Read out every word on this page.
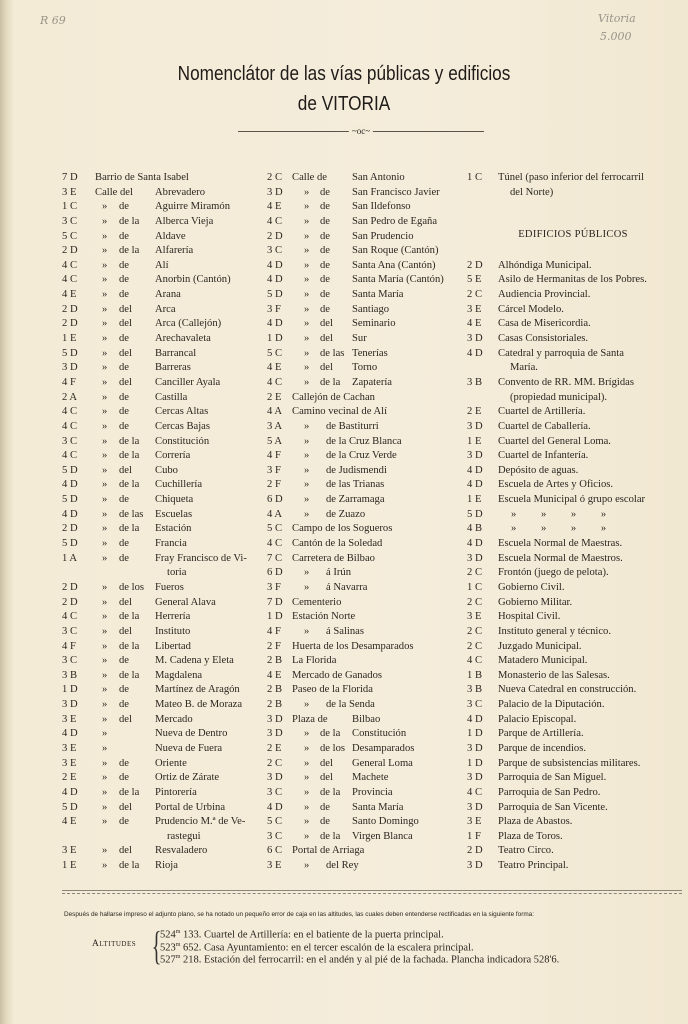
R 69	Vitoria
5.000
Nomenclátor de las vías públicas y edificios
de VITORIA
~oc~
7 D Barrio de Santa Isabel
3 E Calle del Abrevadero
1 C » de Aguirre Miramón
3 C » de la Alberca Vieja
5 C » de Aldave
2 D » de la Alfarería
4 C » de Alí
4 C » de Anorbin (Cantón)
4 E » de Arana
2 D » del Arca
2 D » del Arca (Callejón)
1 E » de Arechavaleta
5 D » del Barrancal
3 D » de Barreras
4 F » del Canciller Ayala
2 A » de Castilla
4 C » de Cercas Altas
4 C » de Cercas Bajas
3 C » de la Constitución
4 C » de la Correría
5 D » del Cubo
4 D » de la Cuchillería
5 D » de Chiqueta
4 D » de las Escuelas
2 D » de la Estación
5 D » de Francia
1 A » de Fray Francisco de Vi-
toria
2 D » de los Fueros
2 D » del General Alava
4 C » de la Herrería
3 C » del Instituto
4 F » de la Libertad
3 C » de M. Cadena y Eleta
3 B » de la Magdalena
1 D » de Martínez de Aragón
3 D » de Mateo B. de Moraza
3 E » del Mercado
4 D »	Nueva de Dentro
3 E »	Nueva de Fuera
3 E » de Oriente
2 E » de Ortiz de Zárate
4 D » de la Pintorería
5 D » del Portal de Urbina
4 E » de Prudencio M.ª de Ve-
rastegui
3 E » del Resvaladero
1 E » de la Rioja
2 C Calle de San Antonio
3 D » de San Francisco Javier
4 E » de San Ildefonso
4 C » de San Pedro de Egaña
2 D » de San Prudencio
3 C » de San Roque (Cantón)
4 D » de Santa Ana (Cantón)
4 D » de Santa María (Cantón)
5 D » de Santa María
3 F » de Santiago
4 D » del Seminario
1 D » del Sur
5 C » de las Tenerías
4 E » del Torno
4 C » de la Zapatería
2 E Callejón de Cachan
4 A Camino vecinal de Alí
3 A » de Bastiturri
5 A » de la Cruz Blanca
4 F » de la Cruz Verde
3 F » de Judismendi
2 F » de las Trianas
6 D » de Zarramaga
4 A » de Zuazo
5 C Campo de los Sogueros
4 C Cantón de la Soledad
7 C Carretera de Bilbao
6 D » á Irún
3 F » á Navarra
7 D Cementerio
1 D Estación Norte
4 F » á Salinas
2 F Huerta de los Desamparados
2 B La Florida
4 E Mercado de Ganados
2 B Paseo de la Florida
2 B » de la Senda
3 D Plaza de Bilbao
3 D » de la Constitución
2 E » de los Desamparados
2 C » del General Loma
3 D » del Machete
3 C » de la Provincia
4 D » de Santa María
5 C » de Santo Domingo
3 C » de la Virgen Blanca
6 C Portal de Arriaga
3 E » del Rey
1 C Túnel (paso inferior del ferrocarril
del Norte)
2 D Alhóndiga Municipal.
5 E Asilo de Hermanitas de los Pobres.
2 C Audiencia Provincial.
3 E Cárcel Modelo.
4 E Casa de Misericordia.
3 D Casas Consistoriales.
4 D Catedral y parroquia de Santa
María.
3 B Convento de RR. MM. Brígidas
(propiedad municipal).
2 E Cuartel de Artillería.
3 D Cuartel de Caballería.
1 E Cuartel del General Loma.
3 D Cuartel de Infantería.
4 D Depósito de aguas.
4 D Escuela de Artes y Oficios.
1 E Escuela Municipal ó grupo escolar
5 D	» » » »
4 B	» » » »
4 D Escuela Normal de Maestras.
3 D Escuela Normal de Maestros.
2 C Frontón (juego de pelota).
1 C Gobierno Civil.
2 C Gobierno Militar.
3 E Hospital Civil.
2 C Instituto general y técnico.
2 C Juzgado Municipal.
4 C Matadero Municipal.
1 B Monasterio de las Salesas.
3 B Nueva Catedral en construcción.
3 C Palacio de la Diputación.
4 D Palacio Episcopal.
1 D Parque de Artillería.
3 D Parque de incendios.
1 D Parque de subsistencias militares.
3 D Parroquia de San Miguel.
4 C Parroquia de San Pedro.
3 D Parroquia de San Vicente.
3 E Plaza de Abastos.
1 F Plaza de Toros.
2 D Teatro Circo.
3 D Teatro Principal.
EDIFICIOS PÚBLICOS
Después de hallarse impreso el adjunto plano, se ha notado un pequeño error de caja en las altitudes, las cuales deben entenderse rectificadas en la siguiente forma:
Altitudes {
524$^m$ 133. Cuartel de Artillería: en el batiente de la puerta principal.
523$^m$ 652. Casa Ayuntamiento: en el tercer escalón de la escalera principal.
527$^m$ 218. Estación del ferrocarril: en el andén y al pié de la fachada. Plancha indicadora 528'6.
